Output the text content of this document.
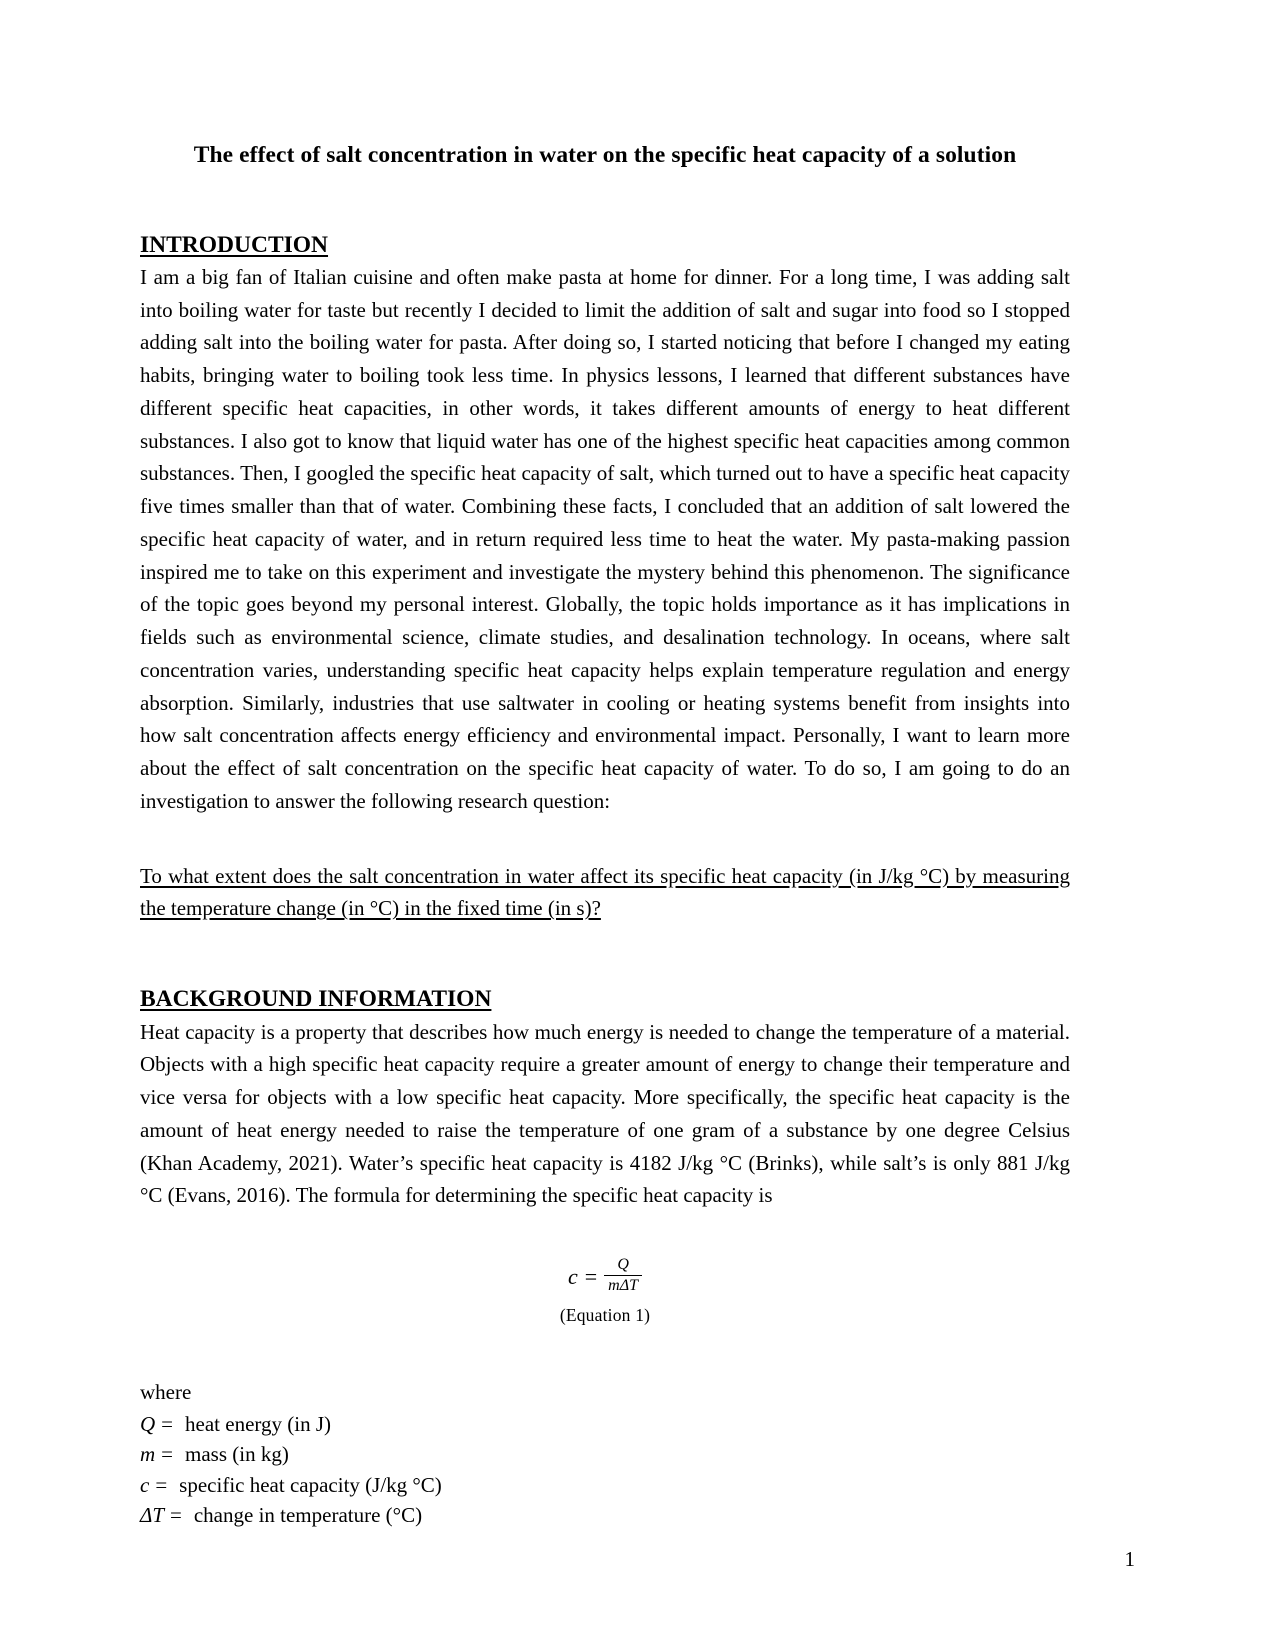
The effect of salt concentration in water on the specific heat capacity of a solution
INTRODUCTION

I am a big fan of Italian cuisine and often make pasta at home for dinner. For a long time, I was adding salt into boiling water for taste but recently I decided to limit the addition of salt and sugar into food so I stopped adding salt into the boiling water for pasta. After doing so, I started noticing that before I changed my eating habits, bringing water to boiling took less time. In physics lessons, I learned that different substances have different specific heat capacities, in other words, it takes different amounts of energy to heat different substances. I also got to know that liquid water has one of the highest specific heat capacities among common substances. Then, I googled the specific heat capacity of salt, which turned out to have a specific heat capacity five times smaller than that of water. Combining these facts, I concluded that an addition of salt lowered the specific heat capacity of water, and in return required less time to heat the water. My pasta-making passion inspired me to take on this experiment and investigate the mystery behind this phenomenon. The significance of the topic goes beyond my personal interest. Globally, the topic holds importance as it has implications in fields such as environmental science, climate studies, and desalination technology. In oceans, where salt concentration varies, understanding specific heat capacity helps explain temperature regulation and energy absorption. Similarly, industries that use saltwater in cooling or heating systems benefit from insights into how salt concentration affects energy efficiency and environmental impact. Personally, I want to learn more about the effect of salt concentration on the specific heat capacity of water. To do so, I am going to do an investigation to answer the following research question:

To what extent does the salt concentration in water affect its specific heat capacity (in J/kg °C) by measuring the temperature change (in °C) in the fixed time (in s)?

BACKGROUND INFORMATION

Heat capacity is a property that describes how much energy is needed to change the temperature of a material. Objects with a high specific heat capacity require a greater amount of energy to change their temperature and vice versa for objects with a low specific heat capacity. More specifically, the specific heat capacity is the amount of heat energy needed to raise the temperature of one gram of a substance by one degree Celsius (Khan Academy, 2021). Water’s specific heat capacity is 4182 J/kg °C (Brinks), while salt’s is only 881 J/kg °C (Evans, 2016). The formula for determining the specific heat capacity is

$c = \frac{Q}{\text{mΔT}}$
(Equation 1)
where
Q = heat energy (in J)
m = mass (in kg)
c = specific heat capacity (J/kg °C)
ΔT = change in temperature (°C)
1
